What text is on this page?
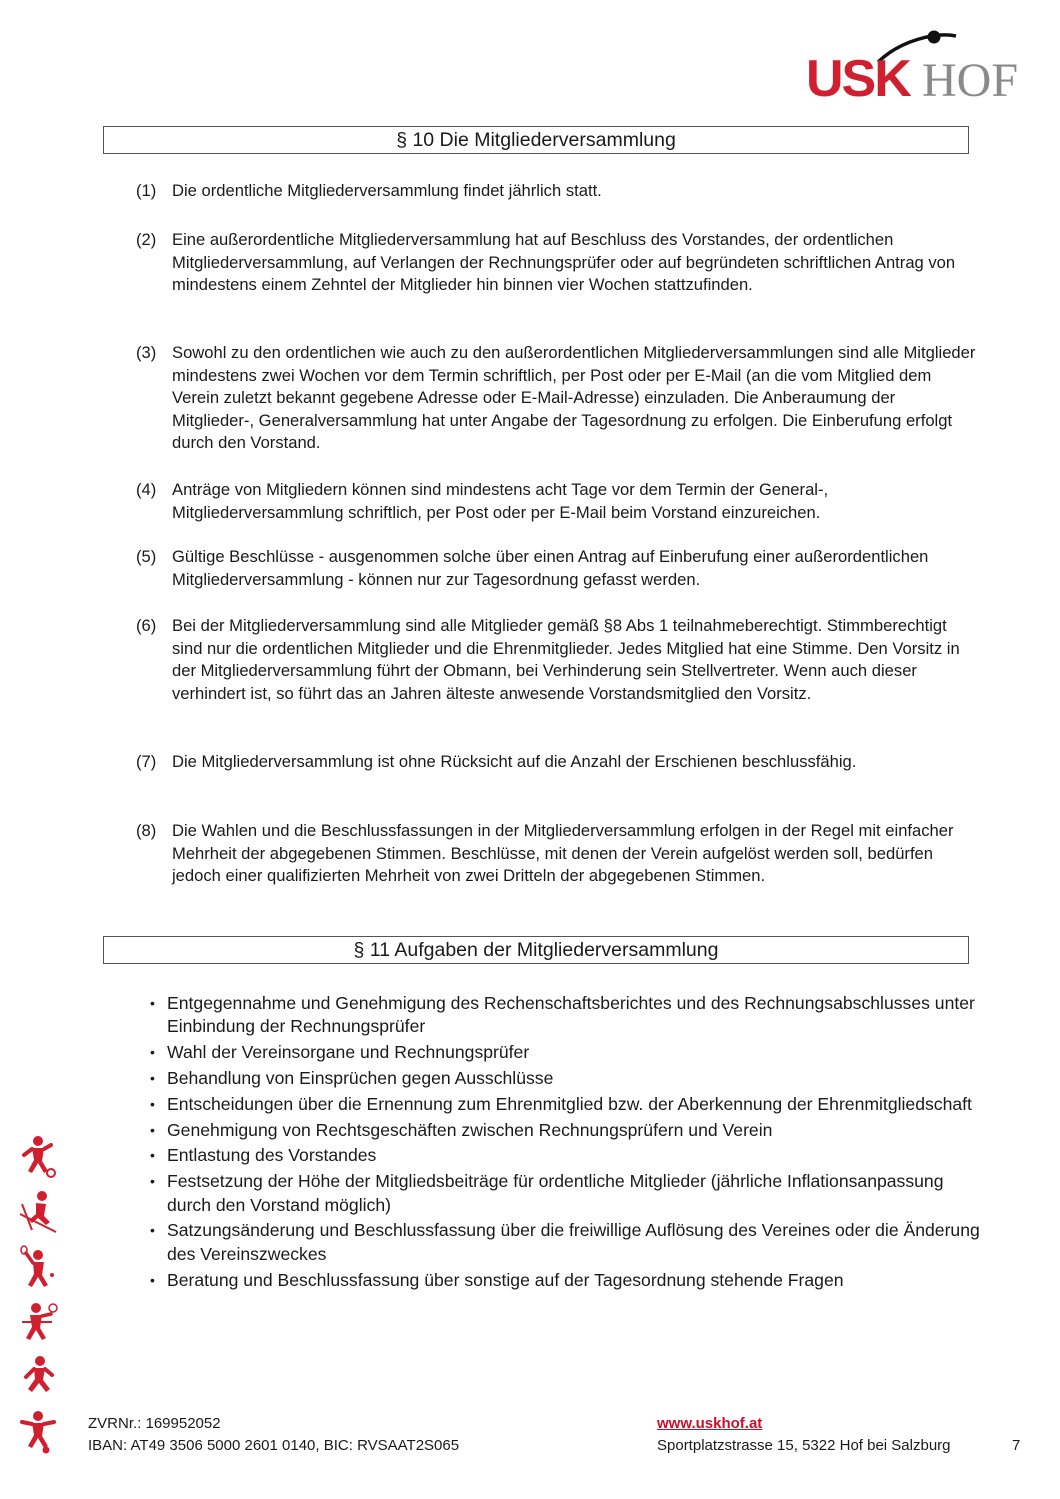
USK HOF
§ 10 Die Mitgliederversammlung
(1) Die ordentliche Mitgliederversammlung findet jährlich statt.
(2) Eine außerordentliche Mitgliederversammlung hat auf Beschluss des Vorstandes, der ordentlichen Mitgliederversammlung, auf Verlangen der Rechnungsprüfer oder auf begründeten schriftlichen Antrag von mindestens einem Zehntel der Mitglieder hin binnen vier Wochen stattzufinden.
(3) Sowohl zu den ordentlichen wie auch zu den außerordentlichen Mitgliederversammlungen sind alle Mitglieder mindestens zwei Wochen vor dem Termin schriftlich, per Post oder per E-Mail (an die vom Mitglied dem Verein zuletzt bekannt gegebene Adresse oder E-Mail-Adresse) einzuladen. Die Anberaumung der Mitglieder-, Generalversammlung hat unter Angabe der Tagesordnung zu erfolgen. Die Einberufung erfolgt durch den Vorstand.
(4) Anträge von Mitgliedern können sind mindestens acht Tage vor dem Termin der General-, Mitgliederversammlung schriftlich, per Post oder per E-Mail beim Vorstand einzureichen.
(5) Gültige Beschlüsse - ausgenommen solche über einen Antrag auf Einberufung einer außerordentlichen Mitgliederversammlung - können nur zur Tagesordnung gefasst werden.
(6) Bei der Mitgliederversammlung sind alle Mitglieder gemäß §8 Abs 1 teilnahmeberechtigt. Stimmberechtigt sind nur die ordentlichen Mitglieder und die Ehrenmitglieder. Jedes Mitglied hat eine Stimme. Den Vorsitz in der Mitgliederversammlung führt der Obmann, bei Verhinderung sein Stellvertreter. Wenn auch dieser verhindert ist, so führt das an Jahren älteste anwesende Vorstandsmitglied den Vorsitz.
(7) Die Mitgliederversammlung ist ohne Rücksicht auf die Anzahl der Erschienen beschlussfähig.
(8) Die Wahlen und die Beschlussfassungen in der Mitgliederversammlung erfolgen in der Regel mit einfacher Mehrheit der abgegebenen Stimmen. Beschlüsse, mit denen der Verein aufgelöst werden soll, bedürfen jedoch einer qualifizierten Mehrheit von zwei Dritteln der abgegebenen Stimmen.
§ 11 Aufgaben der Mitgliederversammlung
• Entgegennahme und Genehmigung des Rechenschaftsberichtes und des Rechnungsabschlusses unter Einbindung der Rechnungsprüfer
• Wahl der Vereinsorgane und Rechnungsprüfer
• Behandlung von Einsprüchen gegen Ausschlüsse
• Entscheidungen über die Ernennung zum Ehrenmitglied bzw. der Aberkennung der Ehrenmitgliedschaft
• Genehmigung von Rechtsgeschäften zwischen Rechnungsprüfern und Verein
• Entlastung des Vorstandes
• Festsetzung der Höhe der Mitgliedsbeiträge für ordentliche Mitglieder (jährliche Inflationsanpassung durch den Vorstand möglich)
• Satzungsänderung und Beschlussfassung über die freiwillige Auflösung des Vereines oder die Änderung des Vereinszweckes
• Beratung und Beschlussfassung über sonstige auf der Tagesordnung stehende Fragen
ZVRNr.: 169952052
IBAN: AT49 3506 5000 2601 0140, BIC: RVSAAT2S065
www.uskhof.at
Sportplatzstrasse 15, 5322 Hof bei Salzburg	7
